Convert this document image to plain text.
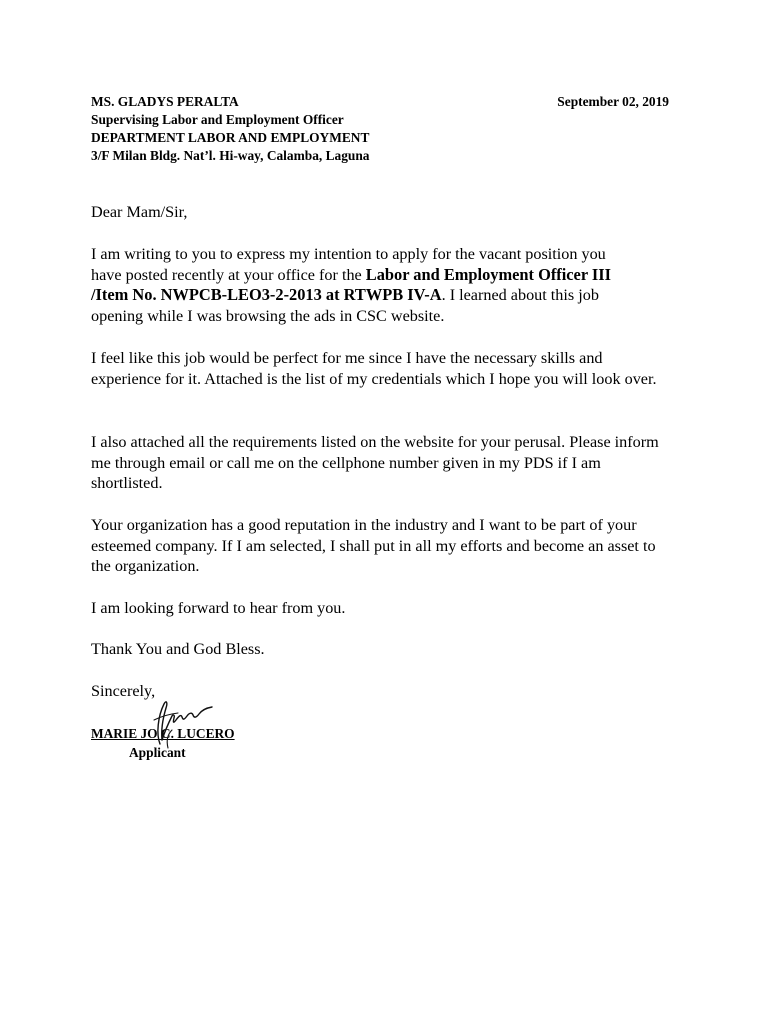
MS. GLADYS PERALTA
Supervising Labor and Employment Officer
DEPARTMENT LABOR AND EMPLOYMENT
3/F Milan Bldg. Nat’l. Hi-way, Calamba, Laguna
September 02, 2019

Dear Mam/Sir,

I am writing to you to express my intention to apply for the vacant position you
have posted recently at your office for the Labor and Employment Officer III
/Item No. NWPCB-LEO3-2-2013 at RTWPB IV-A. I learned about this job
opening while I was browsing the ads in CSC website.

I feel like this job would be perfect for me since I have the necessary skills and experience for it. Attached is the list of my credentials which I hope you will look over.

I also attached all the requirements listed on the website for your perusal. Please inform me through email or call me on the cellphone number given in my PDS if I am shortlisted.

Your organization has a good reputation in the industry and I want to be part of your esteemed company. If I am selected, I shall put in all my efforts and become an asset to the organization.

I am looking forward to hear from you.

Thank You and God Bless.

Sincerely,

MARIE JO C. LUCERO
Applicant
